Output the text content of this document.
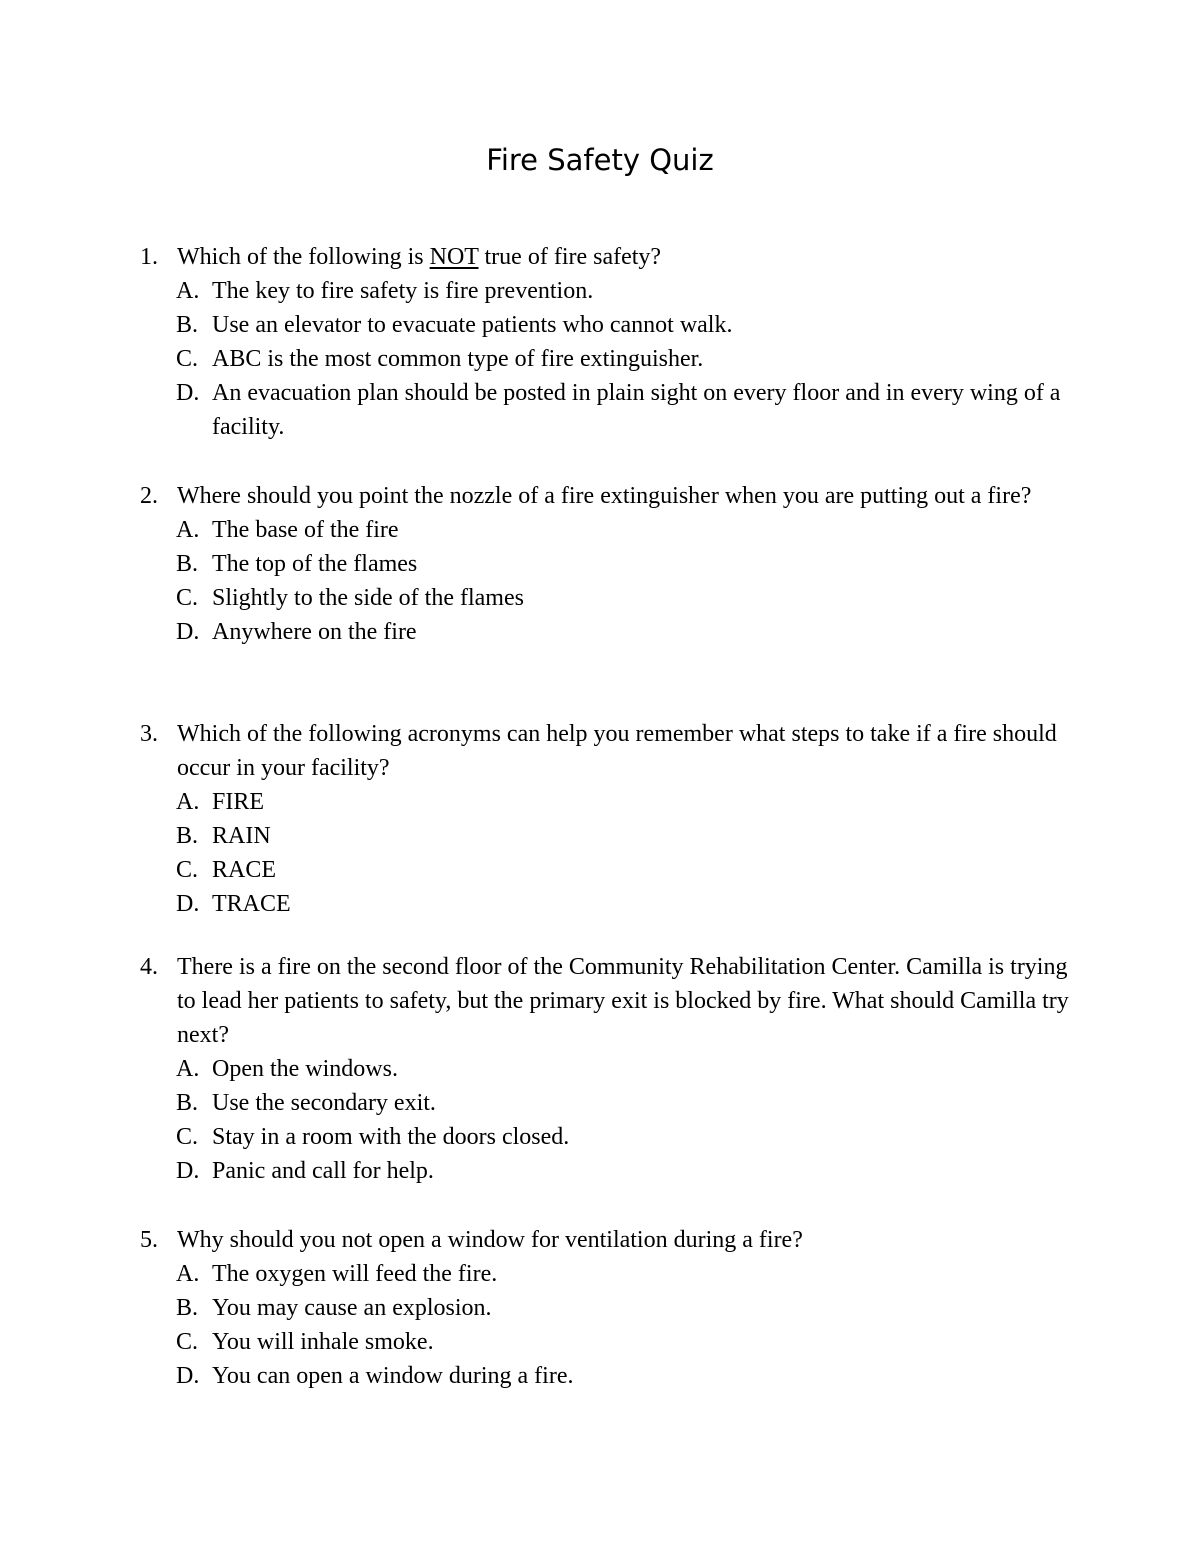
Fire Safety Quiz
1. Which of the following is NOT true of fire safety?
A. The key to fire safety is fire prevention.
B. Use an elevator to evacuate patients who cannot walk.
C. ABC is the most common type of fire extinguisher.
D. An evacuation plan should be posted in plain sight on every floor and in every wing of a facility.
2. Where should you point the nozzle of a fire extinguisher when you are putting out a fire?
A. The base of the fire
B. The top of the flames
C. Slightly to the side of the flames
D. Anywhere on the fire
3. Which of the following acronyms can help you remember what steps to take if a fire should occur in your facility?
A. FIRE
B. RAIN
C. RACE
D. TRACE
4. There is a fire on the second floor of the Community Rehabilitation Center. Camilla is trying to lead her patients to safety, but the primary exit is blocked by fire. What should Camilla try next?
A. Open the windows.
B. Use the secondary exit.
C. Stay in a room with the doors closed.
D. Panic and call for help.
5. Why should you not open a window for ventilation during a fire?
A. The oxygen will feed the fire.
B. You may cause an explosion.
C. You will inhale smoke.
D. You can open a window during a fire.
